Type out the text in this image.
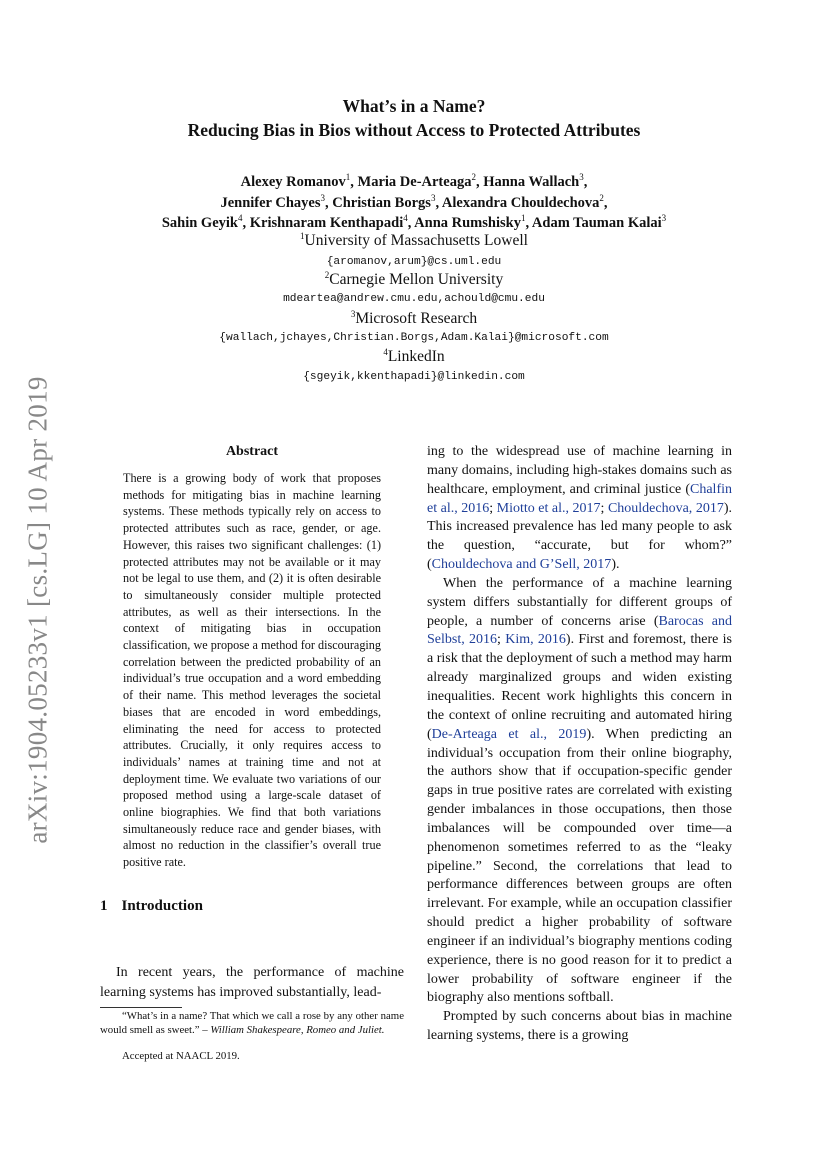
arXiv:1904.05233v1 [cs.LG] 10 Apr 2019
What’s in a Name?
Reducing Bias in Bios without Access to Protected Attributes
Alexey Romanov$^1$, Maria De-Arteaga$^2$, Hanna Wallach$^3$,
Jennifer Chayes$^3$, Christian Borgs$^3$, Alexandra Chouldechova$^2$,
Sahin Geyik$^4$, Krishnaram Kenthapadi$^4$, Anna Rumshisky$^1$, Adam Tauman Kalai$^3$
$^1$University of Massachusetts Lowell
{aromanov,arum}@cs.uml.edu
$^2$Carnegie Mellon University
mdeartea@andrew.cmu.edu,achould@cmu.edu
$^3$Microsoft Research
{wallach,jchayes,Christian.Borgs,Adam.Kalai}@microsoft.com
$^4$LinkedIn
{sgeyik,kkenthapadi}@linkedin.com
Abstract

There is a growing body of work that proposes methods for mitigating bias in machine learning systems. These methods typically rely on access to protected attributes such as race, gender, or age. However, this raises two significant challenges: (1) protected attributes may not be available or it may not be legal to use them, and (2) it is often desirable to simultaneously consider multiple protected attributes, as well as their intersections. In the context of mitigating bias in occupation classification, we propose a method for discouraging correlation between the predicted probability of an individual’s true occupation and a word embedding of their name. This method leverages the societal biases that are encoded in word embeddings, eliminating the need for access to protected attributes. Crucially, it only requires access to individuals’ names at training time and not at deployment time. We evaluate two variations of our proposed method using a large-scale dataset of online biographies. We find that both variations simultaneously reduce race and gender biases, with almost no reduction in the classifier’s overall true positive rate.

1 Introduction

In recent years, the performance of machine learning systems has improved substantially, lead-

“What’s in a name? That which we call a rose by any other name would smell as sweet.” – William Shakespeare, Romeo and Juliet.

Accepted at NAACL 2019.

ing to the widespread use of machine learning in many domains, including high-stakes domains such as healthcare, employment, and criminal justice (Chalfin et al., 2016; Miotto et al., 2017; Chouldechova, 2017). This increased prevalence has led many people to ask the question, “accurate, but for whom?” (Chouldechova and G’Sell, 2017).

When the performance of a machine learning system differs substantially for different groups of people, a number of concerns arise (Barocas and Selbst, 2016; Kim, 2016). First and foremost, there is a risk that the deployment of such a method may harm already marginalized groups and widen existing inequalities. Recent work highlights this concern in the context of online recruiting and automated hiring (De-Arteaga et al., 2019). When predicting an individual’s occupation from their online biography, the authors show that if occupation-specific gender gaps in true positive rates are correlated with existing gender imbalances in those occupations, then those imbalances will be compounded over time—a phenomenon sometimes referred to as the “leaky pipeline.” Second, the correlations that lead to performance differences between groups are often irrelevant. For example, while an occupation classifier should predict a higher probability of software engineer if an individual’s biography mentions coding experience, there is no good reason for it to predict a lower probability of software engineer if the biography also mentions softball.

Prompted by such concerns about bias in machine learning systems, there is a growing
